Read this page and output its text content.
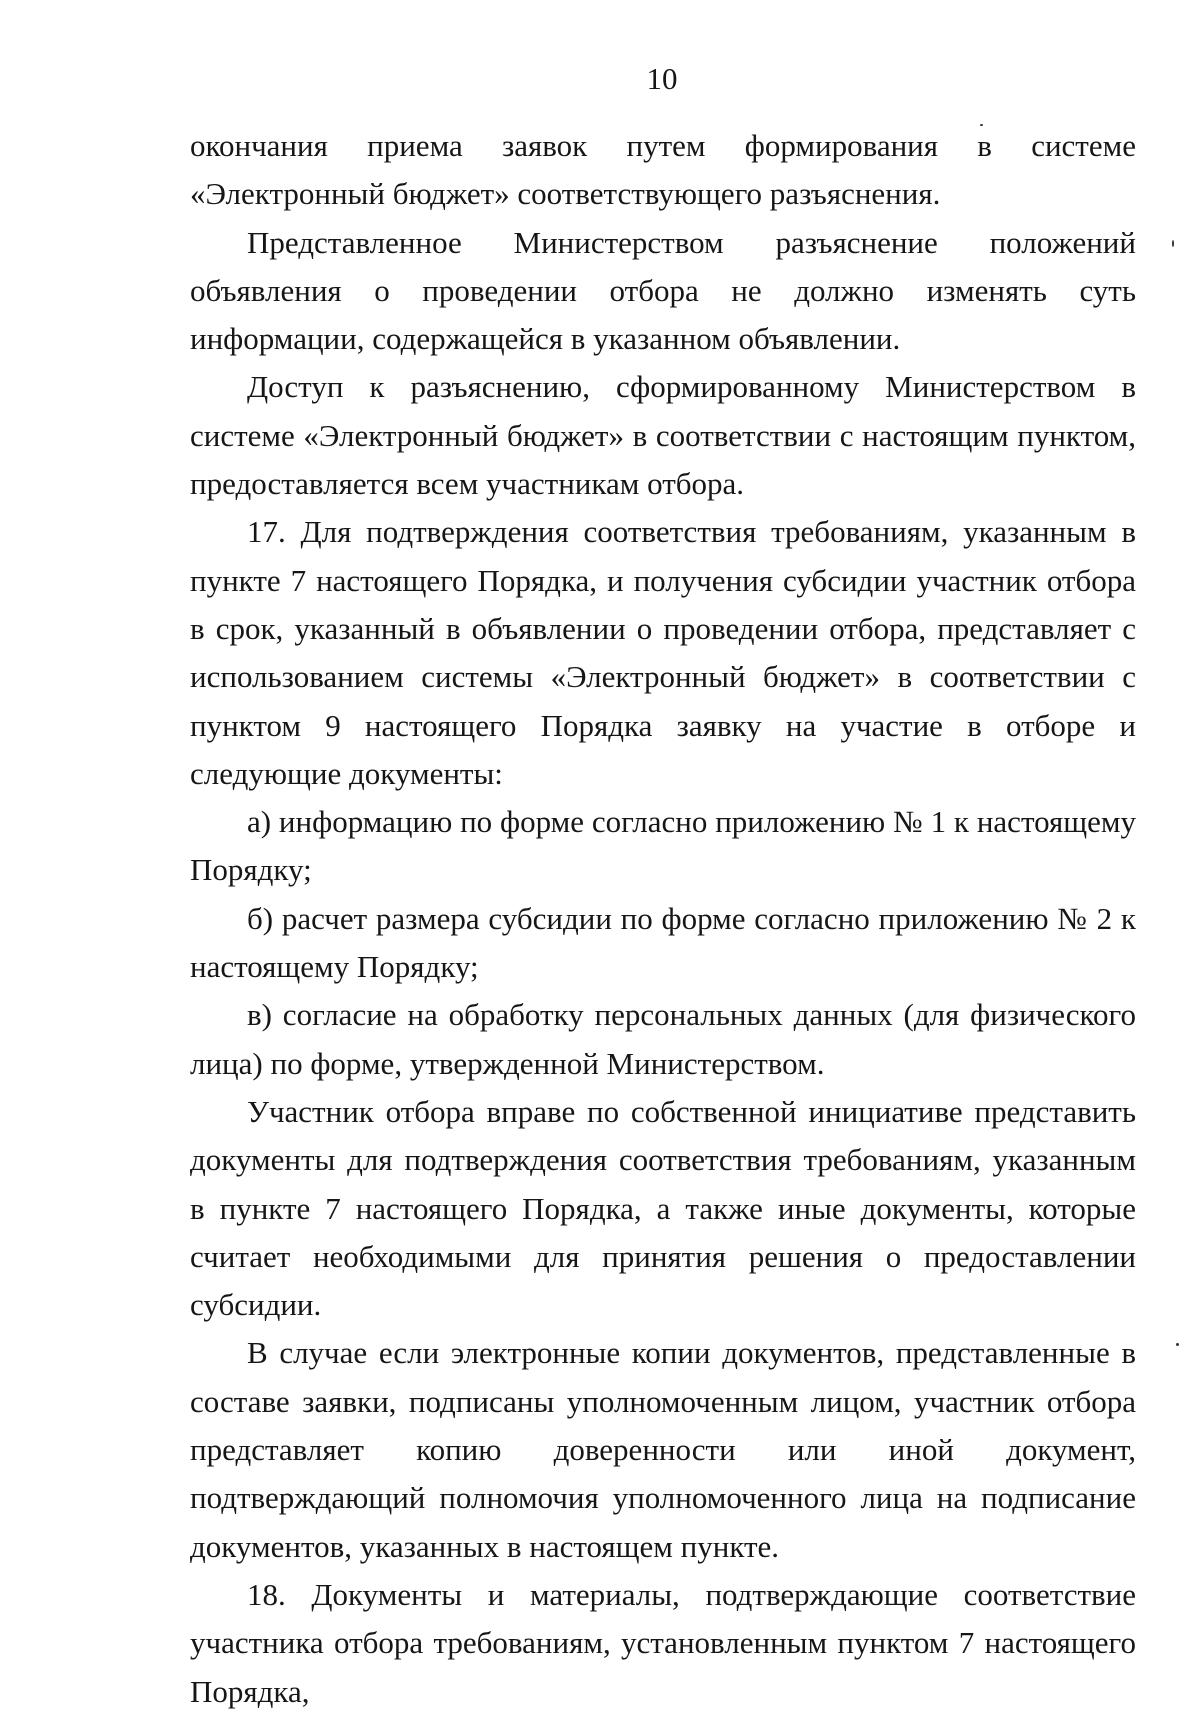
10

окончания приема заявок путем формирования в системе «Электронный бюджет» соответствующего разъяснения.

Представленное Министерством разъяснение положений объявления о проведении отбора не должно изменять суть информации, содержащейся в указанном объявлении.

Доступ к разъяснению, сформированному Министерством в системе «Электронный бюджет» в соответствии с настоящим пунктом, предоставляется всем участникам отбора.

17. Для подтверждения соответствия требованиям, указанным в пункте 7 настоящего Порядка, и получения субсидии участник отбора в срок, указанный в объявлении о проведении отбора, представляет с использованием системы «Электронный бюджет» в соответствии с пунктом 9 настоящего Порядка заявку на участие в отборе и следующие документы:

а) информацию по форме согласно приложению № 1 к настоящему Порядку;

б) расчет размера субсидии по форме согласно приложению № 2 к настоящему Порядку;

в) согласие на обработку персональных данных (для физического лица) по форме, утвержденной Министерством.

Участник отбора вправе по собственной инициативе представить документы для подтверждения соответствия требованиям, указанным в пункте 7 настоящего Порядка, а также иные документы, которые считает необходимыми для принятия решения о предоставлении субсидии.

В случае если электронные копии документов, представленные в составе заявки, подписаны уполномоченным лицом, участник отбора представляет копию доверенности или иной документ, подтверждающий полномочия уполномоченного лица на подписание документов, указанных в настоящем пункте.

18. Документы и материалы, подтверждающие соответствие участника отбора требованиям, установленным пунктом 7 настоящего Порядка,
